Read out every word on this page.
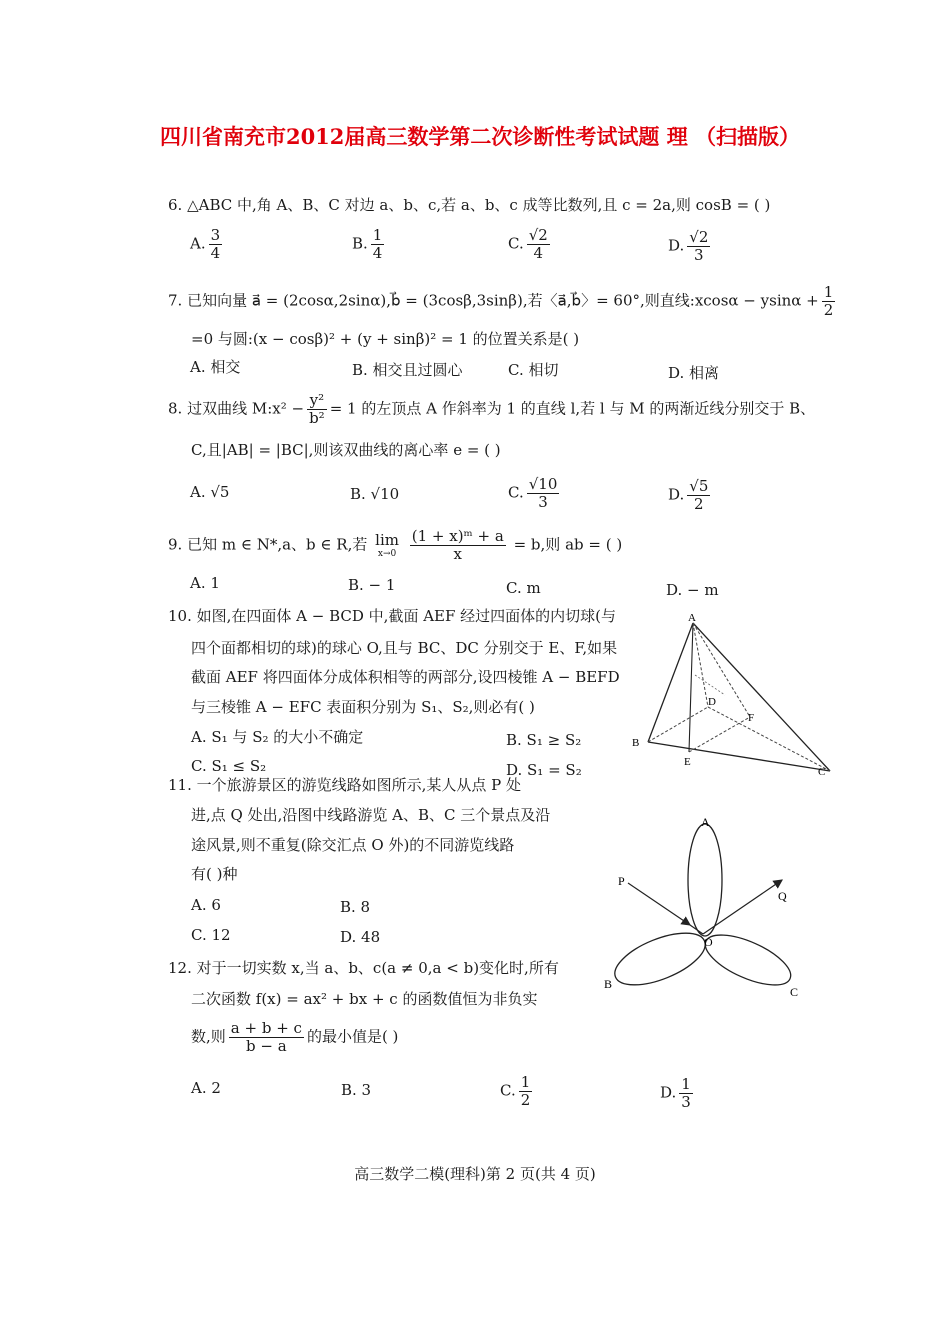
四川省南充市2012届高三数学第二次诊断性考试试题 理 （扫描版）
6. △ABC 中,角 A、B、C 对边 a、b、c,若 a、b、c 成等比数列,且 c = 2a,则 cosB = ( )
A. $\frac{3}{4}$	B. $\frac{1}{4}$	C. $\frac{√2}{4}$	D. $\frac{√2}{3}$
7. 已知向量 a⃗ = (2cosα,2sinα),b⃗ = (3cosβ,3sinβ),若〈a⃗,b⃗〉= 60°,则直线:xcosα − $ysin\alpha + \frac{1}{2}$
=0 与圆:(x − cosβ)² + (y + sinβ)² = 1 的位置关系是( )
A. 相交	B. 相交且过圆心	C. 相切	D. 相离
8. 过双曲线 M:x² − $\frac{\text{y²}}{\text{b²}} = 1$ 的左顶点 A 作斜率为 1 的直线 l,若 l 与 M 的两渐近线分别交于 B、
C,且|AB| = |BC|,则该双曲线的离心率 e = ( )
A. √5	B. √10	C. $\frac{√10}{3}$	D. $\frac{√5}{2}$
9. 已知 m ∈ N*,a、b ∈ R,若 lim
x→0
$\frac{\text{(1 + x)ᵐ + a}}{x} = b$,则 ab = ( )
A. 1	B. − 1	C. m	D. − m
10. 如图,在四面体 A − BCD 中,截面 AEF 经过四面体的内切球(与
四个面都相切的球)的球心 O,且与 BC、DC 分别交于 E、F,如果
截面 AEF 将四面体分成体积相等的两部分,设四棱锥 A − BEFD
与三棱锥 A − EFC 表面积分别为 S₁、S₂,则必有( )
A. S₁ 与 S₂ 的大小不确定	B. S₁ ≥ S₂
C. S₁ ≤ S₂	D. S₁ = S₂
A
B
C
D
E
F
11. 一个旅游景区的游览线路如图所示,某人从点 P 处
进,点 Q 处出,沿图中线路游览 A、B、C 三个景点及沿
途风景,则不重复(除交汇点 O 外)的不同游览线路
有( )种
A. 6	B. 8
C. 12	D. 48
A
B
C
O
P
Q
12. 对于一切实数 x,当 a、b、c(a ≠ 0,a < b)变化时,所有
二次函数 f(x) = ax² + bx + c 的函数值恒为非负实
数,则 $\frac{a + b + c}{b - a}$ 的最小值是( )
A. 2	B. 3	C. $\frac{1}{2}$	D. $\frac{1}{3}$
高三数学二模(理科)第 2 页(共 4 页)
